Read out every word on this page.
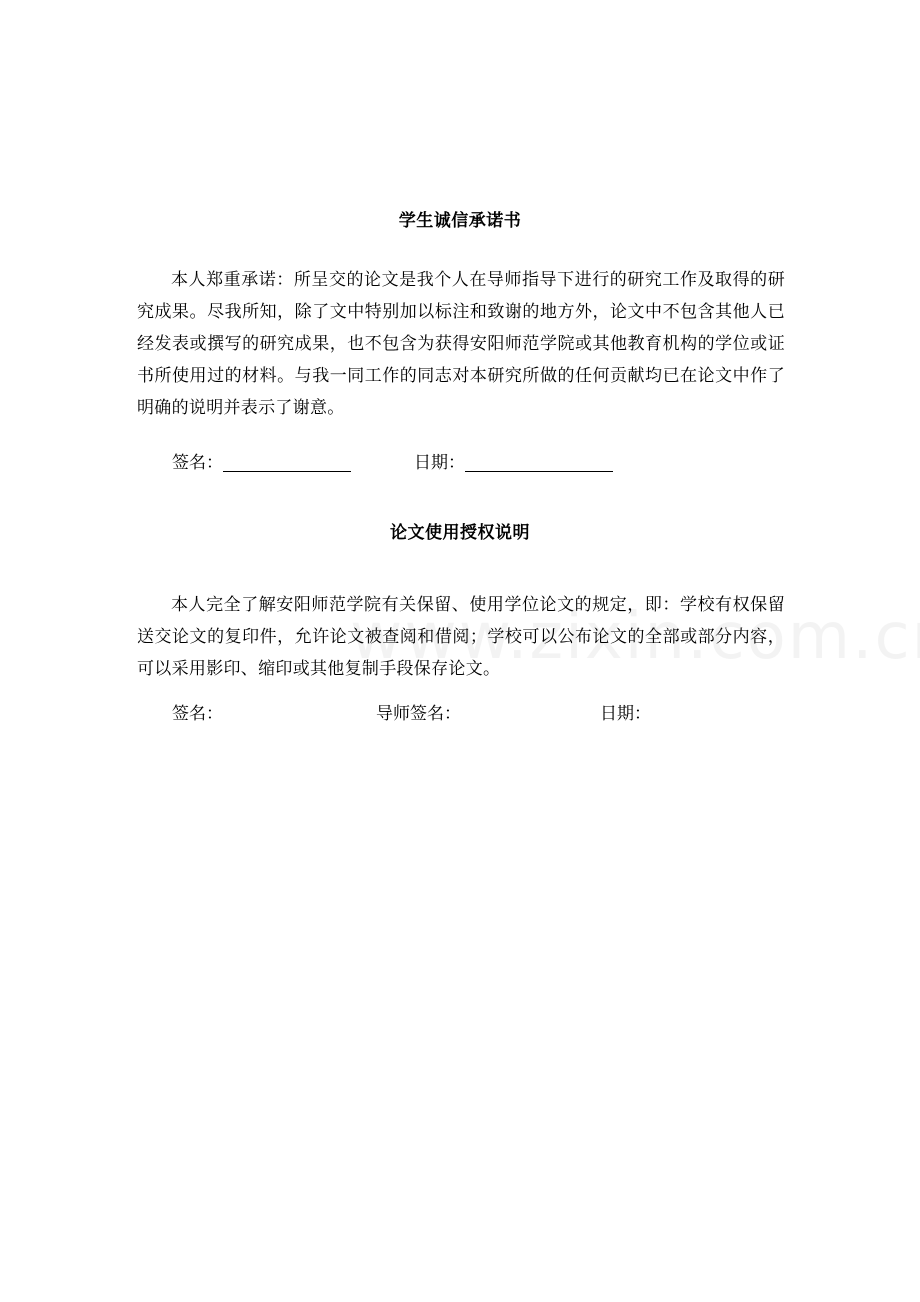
学生诚信承诺书
本人郑重承诺：所呈交的论文是我个人在导师指导下进行的研究工作及取得的研究成果。尽我所知，除了文中特别加以标注和致谢的地方外，论文中不包含其他人已经发表或撰写的研究成果，也不包含为获得安阳师范学院或其他教育机构的学位或证书所使用过的材料。与我一同工作的同志对本研究所做的任何贡献均已在论文中作了明确的说明并表示了谢意。
签名：	日期：
论文使用授权说明
本人完全了解安阳师范学院有关保留、使用学位论文的规定，即：学校有权保留送交论文的复印件，允许论文被查阅和借阅；学校可以公布论文的全部或部分内容，可以采用影印、缩印或其他复制手段保存论文。
签名：	导师签名：	日期：
